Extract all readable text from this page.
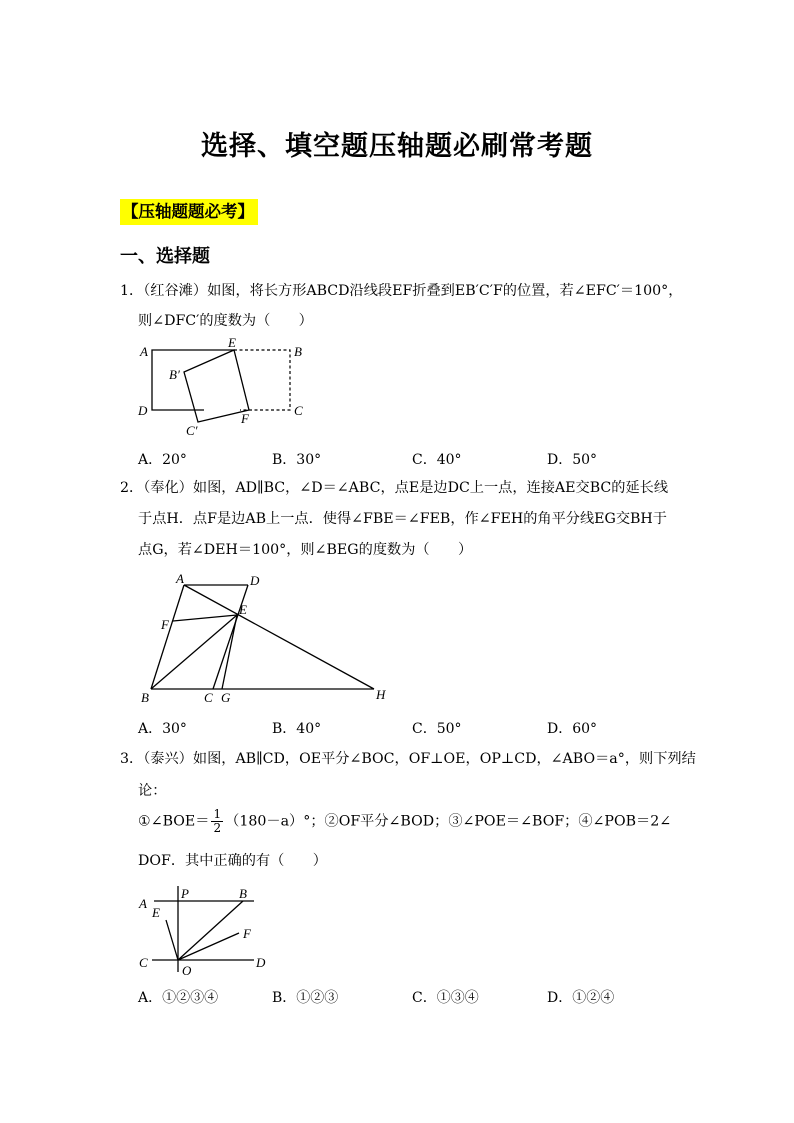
选择、填空题压轴题必刷常考题
【压轴题题必考】
一、选择题
1．（红谷滩）如图，将长方形ABCD沿线段EF折叠到EB′C′F的位置，若∠EFC′＝100°，
则∠DFC′的度数为（　　）
A
E
B
B′
D	C
F
C′
A．20°	B．30°	C．40°	D．50°
2．（奉化）如图，AD∥BC，∠D＝∠ABC，点E是边DC上一点，连接AE交BC的延长线
于点H．点F是边AB上一点．使得∠FBE＝∠FEB，作∠FEH的角平分线EG交BH于
点G，若∠DEH＝100°，则∠BEG的度数为（　　）
A	D
E
F
B	C G	H
A．30°	B．40°	C．50°	D．60°
3．（泰兴）如图，AB∥CD，OE平分∠BOC，OF⊥OE，OP⊥CD，∠ABO＝a°，则下列结
论：
①∠BOE＝ $\frac{1}{2} (180-a)^\circ$；②OF平分∠BOD；③∠POE＝∠BOF；④∠POB＝2∠
DOF．其中正确的有（　　）
P	B
A
E
F
C
O
D
A．①②③④	B．①②③	C．①③④	D．①②④
